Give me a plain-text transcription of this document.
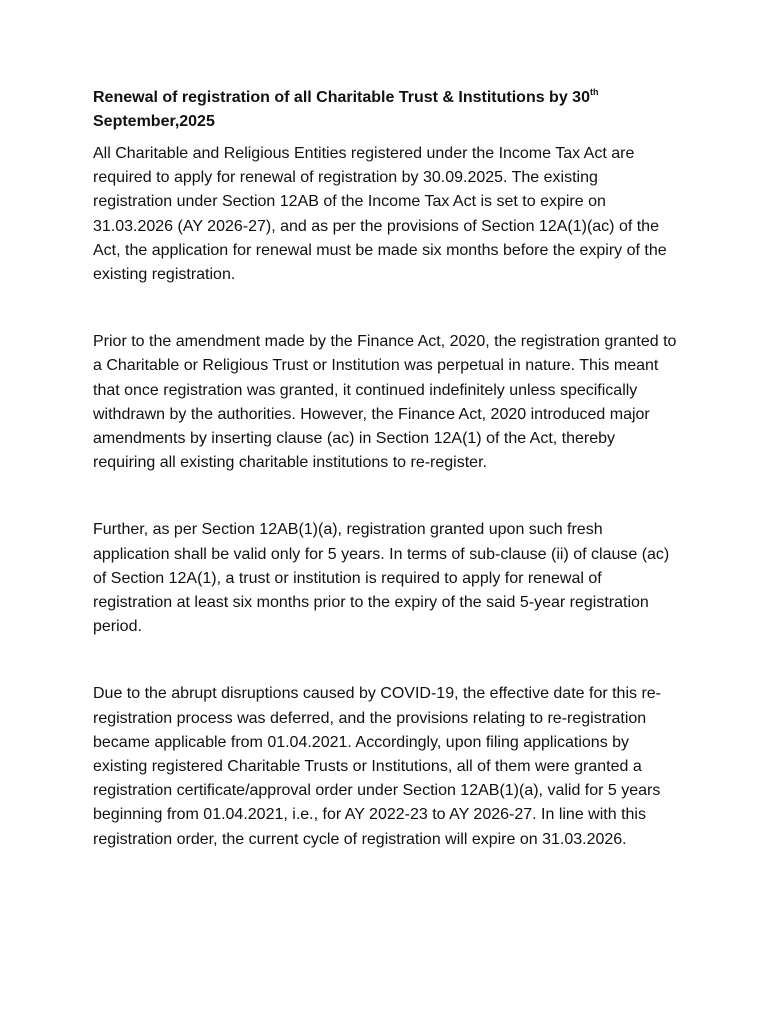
Renewal of registration of all Charitable Trust & Institutions by 30th
September,2025

All Charitable and Religious Entities registered under the Income Tax Act are required to apply for renewal of registration by 30.09.2025. The existing registration under Section 12AB of the Income Tax Act is set to expire on 31.03.2026 (AY 2026-27), and as per the provisions of Section 12A(1)(ac) of the Act, the application for renewal must be made six months before the expiry of the existing registration.

Prior to the amendment made by the Finance Act, 2020, the registration granted to a Charitable or Religious Trust or Institution was perpetual in nature. This meant that once registration was granted, it continued indefinitely unless specifically withdrawn by the authorities. However, the Finance Act, 2020 introduced major amendments by inserting clause (ac) in Section 12A(1) of the Act, thereby requiring all existing charitable institutions to re-register.

Further, as per Section 12AB(1)(a), registration granted upon such fresh application shall be valid only for 5 years. In terms of sub-clause (ii) of clause (ac) of Section 12A(1), a trust or institution is required to apply for renewal of registration at least six months prior to the expiry of the said 5-year registration period.

Due to the abrupt disruptions caused by COVID-19, the effective date for this re-registration process was deferred, and the provisions relating to re-registration became applicable from 01.04.2021. Accordingly, upon filing applications by existing registered Charitable Trusts or Institutions, all of them were granted a registration certificate/approval order under Section 12AB(1)(a), valid for 5 years beginning from 01.04.2021, i.e., for AY 2022-23 to AY 2026-27. In line with this registration order, the current cycle of registration will expire on 31.03.2026.
